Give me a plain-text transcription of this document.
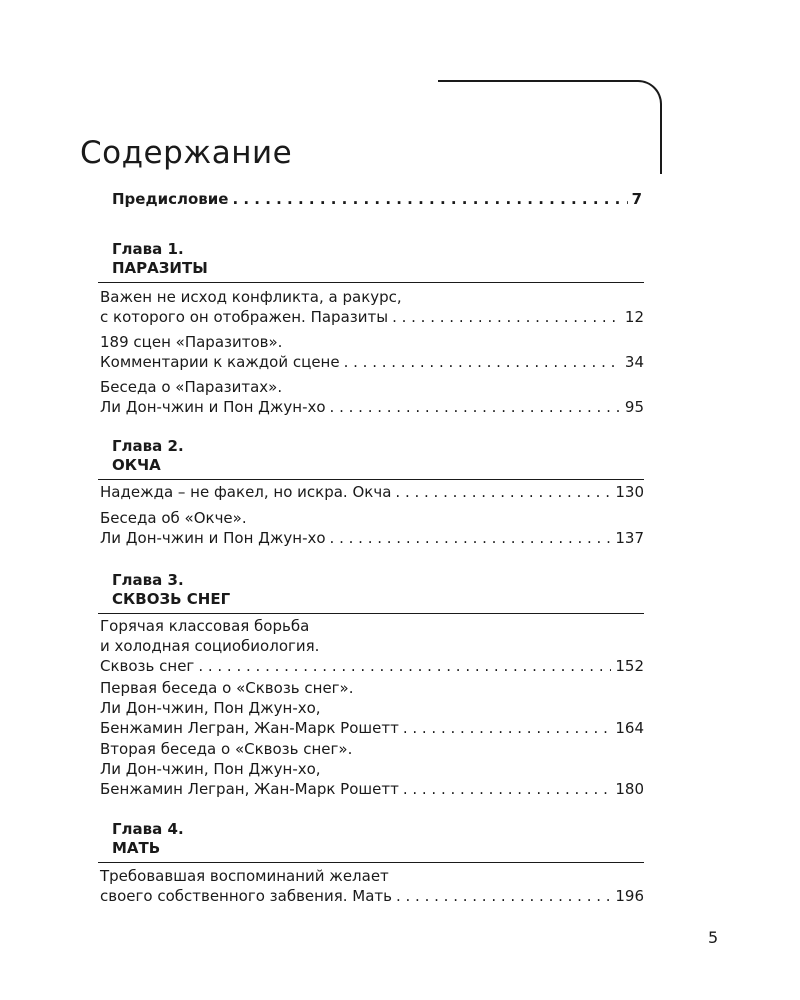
Содержание
Предисловие . . .	7
Глава 1.
ПАРАЗИТЫ
Важен не исход конфликта, а ракурс,
с которого он отображен. Паразиты . . .	12
189 сцен «Паразитов».
Комментарии к каждой сцене . . .	34
Беседа о «Паразитах».
Ли Дон-чжин и Пон Джун-хо . . .	95
Глава 2.
ОКЧА
Надежда – не факел, но искра. Окча . . .	130
Беседа об «Окче».
Ли Дон-чжин и Пон Джун-хо . . .	137
Глава 3.
СКВОЗЬ СНЕГ
Горячая классовая борьба
и холодная социобиология.
Сквозь снег . . .	152
Первая беседа о «Сквозь снег».
Ли Дон-чжин, Пон Джун-хо,
Бенжамин Легран, Жан-Марк Рошетт . . .	164
Вторая беседа о «Сквозь снег».
Ли Дон-чжин, Пон Джун-хо,
Бенжамин Легран, Жан-Марк Рошетт . . .	180
Глава 4.
МАТЬ
Требовавшая воспоминаний желает
своего собственного забвения. Мать . . .	196
5
